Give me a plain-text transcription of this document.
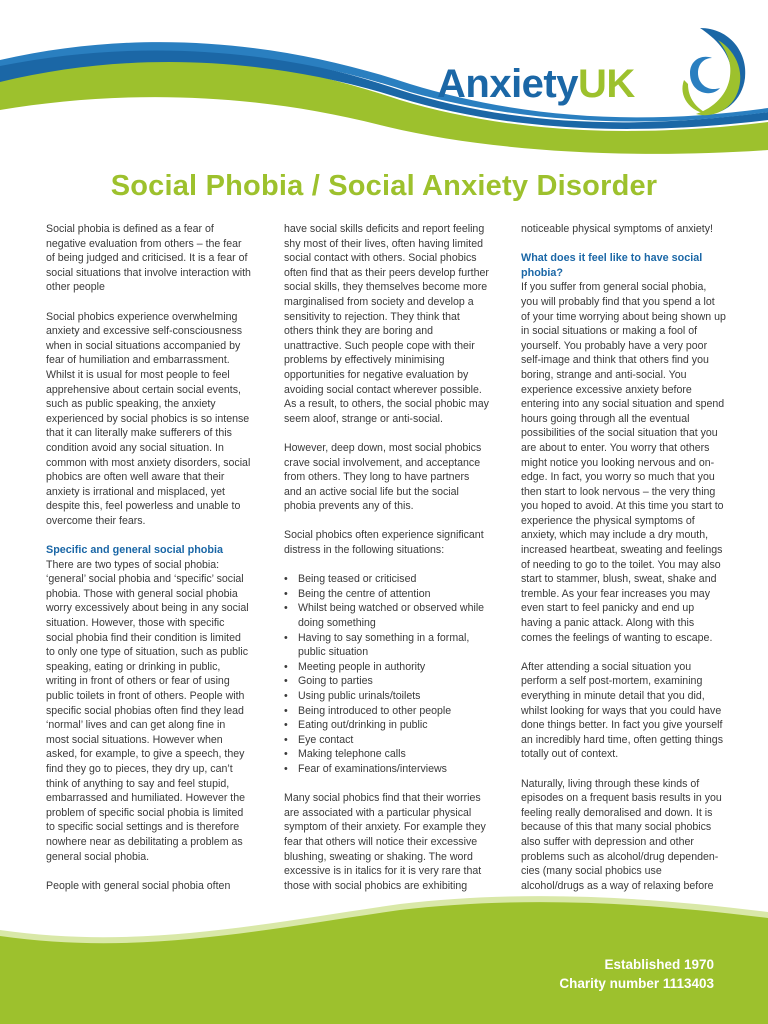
AnxietyUK
Social Phobia / Social Anxiety Disorder

Social phobia is defined as a fear of negative evaluation from others – the fear of being judged and criticised. It is a fear of social situations that involve interaction with other people

Social phobics experience overwhelming anxiety and excessive self-consciousness when in social situations accompanied by fear of humiliation and embarrassment. Whilst it is usual for most people to feel apprehensive about certain social events, such as public speaking, the anxiety experienced by social phobics is so intense that it can literally make sufferers of this condition avoid any social situation. In common with most anxiety disorders, social phobics are often well aware that their anxiety is irrational and misplaced, yet despite this, feel powerless and unable to overcome their fears.

Specific and general social phobia

There are two types of social phobia: ‘general’ social phobia and ‘specific’ social phobia. Those with general social phobia worry excessively about being in any social situation. However, those with specific social phobia find their condition is limited to only one type of situation, such as public speaking, eating or drinking in public, writing in front of others or fear of using public toilets in front of others. People with specific social phobias often find they lead ‘normal’ lives and can get along fine in most social situations. However when asked, for example, to give a speech, they find they go to pieces, they dry up, can’t think of anything to say and feel stupid, embarrassed and humiliated. However the problem of specific social phobia is limited to specific social settings and is therefore nowhere near as debilitating a problem as general social phobia.

People with general social phobia often

have social skills deficits and report feeling shy most of their lives, often having limited social contact with others. Social phobics often find that as their peers develop further social skills, they themselves become more marginalised from society and develop a sensitivity to rejection. They think that others think they are boring and unattractive. Such people cope with their problems by effectively minimising opportunities for negative evaluation by avoiding social contact wherever possible. As a result, to others, the social phobic may seem aloof, strange or anti-social.

However, deep down, most social phobics crave social involvement, and acceptance from others. They long to have partners and an active social life but the social phobia prevents any of this.

Social phobics often experience significant distress in the following situations:

• Being teased or criticised
• Being the centre of attention
• Whilst being watched or observed while doing something
• Having to say something in a formal, public situation
• Meeting people in authority
• Going to parties
• Using public urinals/toilets
• Being introduced to other people
• Eating out/drinking in public
• Eye contact
• Making telephone calls
• Fear of examinations/interviews

Many social phobics find that their worries are associated with a particular physical symptom of their anxiety. For example they fear that others will notice their excessive blushing, sweating or shaking. The word excessive is in italics for it is very rare that those with social phobics are exhibiting

noticeable physical symptoms of anxiety!

What does it feel like to have social phobia?

If you suffer from general social phobia, you will probably find that you spend a lot of your time worrying about being shown up in social situations or making a fool of yourself. You probably have a very poor self-image and think that others find you boring, strange and anti-social. You experience excessive anxiety before entering into any social situation and spend hours going through all the eventual possibilities of the social situation that you are about to enter. You worry that others might notice you looking nervous and on-edge. In fact, you worry so much that you then start to look nervous – the very thing you hoped to avoid. At this time you start to experience the physical symptoms of anxiety, which may include a dry mouth, increased heartbeat, sweating and feelings of needing to go to the toilet. You may also start to stammer, blush, sweat, shake and tremble. As your fear increases you may even start to feel panicky and end up having a panic attack. Along with this comes the feelings of wanting to escape.

After attending a social situation you perform a self post-mortem, examining everything in minute detail that you did, whilst looking for ways that you could have done things better. In fact you give yourself an incredibly hard time, often getting things totally out of context.

Naturally, living through these kinds of episodes on a frequent basis results in you feeling really demoralised and down. It is because of this that many social phobics also suffer with depression and other problems such as alcohol/drug dependen-cies (many social phobics use alcohol/drugs as a way of relaxing before

Established 1970
Charity number 1113403
